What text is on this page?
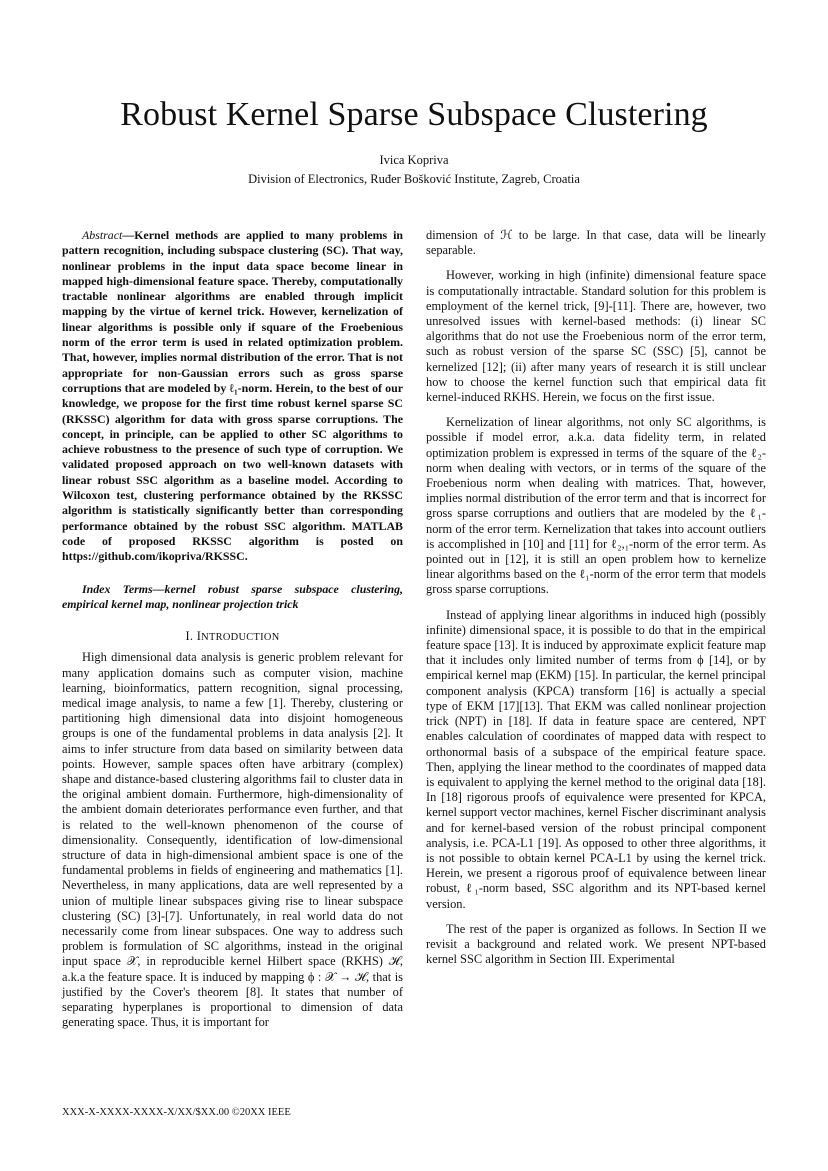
Robust Kernel Sparse Subspace Clustering
Ivica Kopriva
Division of Electronics, Ruđer Bošković Institute, Zagreb, Croatia

Abstract—Kernel methods are applied to many problems in pattern recognition, including subspace clustering (SC). That way, nonlinear problems in the input data space become linear in mapped high-dimensional feature space. Thereby, computationally tractable nonlinear algorithms are enabled through implicit mapping by the virtue of kernel trick. However, kernelization of linear algorithms is possible only if square of the Froebenious norm of the error term is used in related optimization problem. That, however, implies normal distribution of the error. That is not appropriate for non-Gaussian errors such as gross sparse corruptions that are modeled by ℓ₁-norm. Herein, to the best of our knowledge, we propose for the first time robust kernel sparse SC (RKSSC) algorithm for data with gross sparse corruptions. The concept, in principle, can be applied to other SC algorithms to achieve robustness to the presence of such type of corruption. We validated proposed approach on two well-known datasets with linear robust SSC algorithm as a baseline model. According to Wilcoxon test, clustering performance obtained by the RKSSC algorithm is statistically significantly better than corresponding performance obtained by the robust SSC algorithm. MATLAB code of proposed RKSSC algorithm is posted on https://github.com/ikopriva/RKSSC.

Index Terms—kernel robust sparse subspace clustering, empirical kernel map, nonlinear projection trick

I. INTRODUCTION

High dimensional data analysis is generic problem relevant for many application domains such as computer vision, machine learning, bioinformatics, pattern recognition, signal processing, medical image analysis, to name a few [1]. Thereby, clustering or partitioning high dimensional data into disjoint homogeneous groups is one of the fundamental problems in data analysis [2]. It aims to infer structure from data based on similarity between data points. However, sample spaces often have arbitrary (complex) shape and distance-based clustering algorithms fail to cluster data in the original ambient domain. Furthermore, high-dimensionality of the ambient domain deteriorates performance even further, and that is related to the well-known phenomenon of the course of dimensionality. Consequently, identification of low-dimensional structure of data in high-dimensional ambient space is one of the fundamental problems in fields of engineering and mathematics [1]. Nevertheless, in many applications, data are well represented by a union of multiple linear subspaces giving rise to linear subspace clustering (SC) [3]-[7]. Unfortunately, in real world data do not necessarily come from linear subspaces. One way to address such problem is formulation of SC algorithms, instead in the original input space 𝒳, in reproducible kernel Hilbert space (RKHS) ℋ, a.k.a the feature space. It is induced by mapping ϕ : 𝒳 → ℋ, that is justified by the Cover's theorem [8]. It states that number of separating hyperplanes is proportional to dimension of data generating space. Thus, it is important for

dimension of ℋ to be large. In that case, data will be linearly separable.

However, working in high (infinite) dimensional feature space is computationally intractable. Standard solution for this problem is employment of the kernel trick, [9]-[11]. There are, however, two unresolved issues with kernel-based methods: (i) linear SC algorithms that do not use the Froebenious norm of the error term, such as robust version of the sparse SC (SSC) [5], cannot be kernelized [12]; (ii) after many years of research it is still unclear how to choose the kernel function such that empirical data fit kernel-induced RKHS. Herein, we focus on the first issue.

Kernelization of linear algorithms, not only SC algorithms, is possible if model error, a.k.a. data fidelity term, in related optimization problem is expressed in terms of the square of the ℓ₂-norm when dealing with vectors, or in terms of the square of the Froebenious norm when dealing with matrices. That, however, implies normal distribution of the error term and that is incorrect for gross sparse corruptions and outliers that are modeled by the ℓ₁-norm of the error term. Kernelization that takes into account outliers is accomplished in [10] and [11] for ℓ₂,₁-norm of the error term. As pointed out in [12], it is still an open problem how to kernelize linear algorithms based on the ℓ₁-norm of the error term that models gross sparse corruptions.

Instead of applying linear algorithms in induced high (possibly infinite) dimensional space, it is possible to do that in the empirical feature space [13]. It is induced by approximate explicit feature map that it includes only limited number of terms from ϕ [14], or by empirical kernel map (EKM) [15]. In particular, the kernel principal component analysis (KPCA) transform [16] is actually a special type of EKM [17][13]. That EKM was called nonlinear projection trick (NPT) in [18]. If data in feature space are centered, NPT enables calculation of coordinates of mapped data with respect to orthonormal basis of a subspace of the empirical feature space. Then, applying the linear method to the coordinates of mapped data is equivalent to applying the kernel method to the original data [18]. In [18] rigorous proofs of equivalence were presented for KPCA, kernel support vector machines, kernel Fischer discriminant analysis and for kernel-based version of the robust principal component analysis, i.e. PCA-L1 [19]. As opposed to other three algorithms, it is not possible to obtain kernel PCA-L1 by using the kernel trick. Herein, we present a rigorous proof of equivalence between linear robust, ℓ₁-norm based, SSC algorithm and its NPT-based kernel version.

The rest of the paper is organized as follows. In Section II we revisit a background and related work. We present NPT-based kernel SSC algorithm in Section III. Experimental

XXX-X-XXXX-XXXX-X/XX/$XX.00 ©20XX IEEE
